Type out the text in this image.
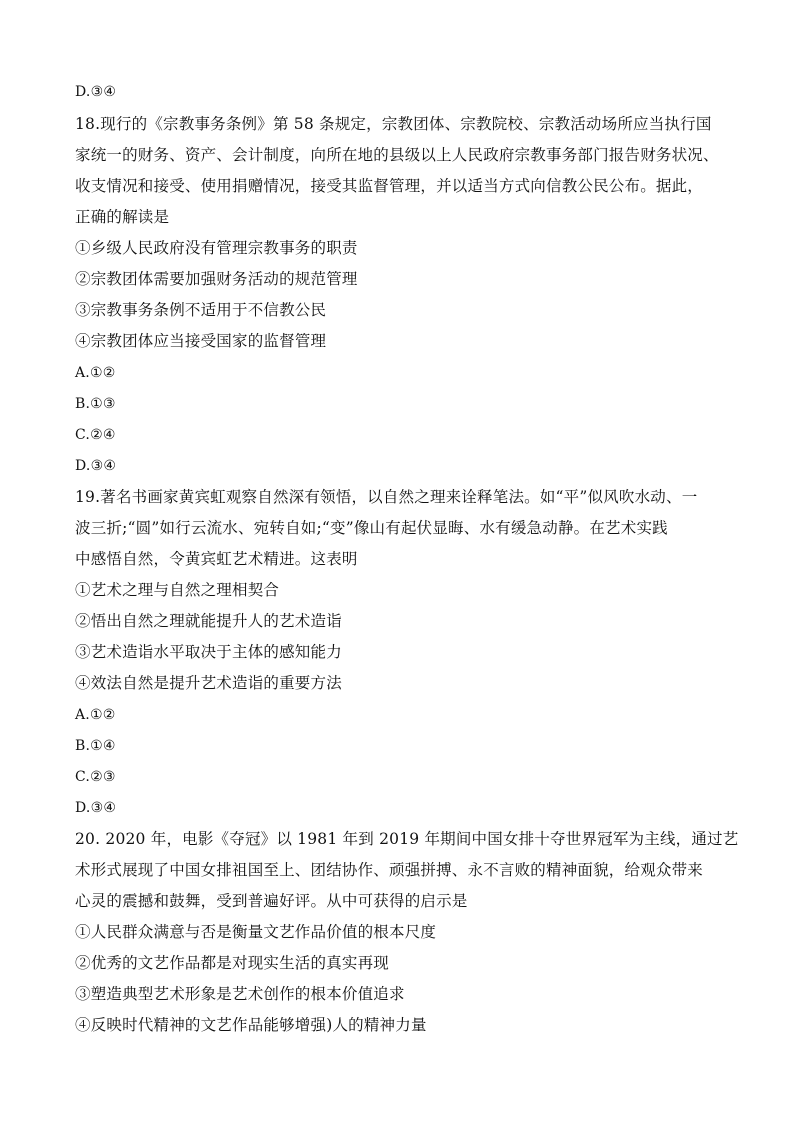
D.③④
18.现行的《宗教事务条例》第 58 条规定，宗教团体、宗教院校、宗教活动场所应当执行国
家统一的财务、资产、会计制度，向所在地的县级以上人民政府宗教事务部门报告财务状况、
收支情况和接受、使用捐赠情况，接受其监督管理，并以适当方式向信教公民公布。据此，
正确的解读是
①乡级人民政府没有管理宗教事务的职责
②宗教团体需要加强财务活动的规范管理
③宗教事务条例不适用于不信教公民
④宗教团体应当接受国家的监督管理
A.①②
B.①③
C.②④
D.③④
19.著名书画家黄宾虹观察自然深有领悟，以自然之理来诠释笔法。如“平”似风吹水动、一
波三折;“圆”如行云流水、宛转自如;“变”像山有起伏显晦、水有缓急动静。在艺术实践
中感悟自然，令黄宾虹艺术精进。这表明
①艺术之理与自然之理相契合
②悟出自然之理就能提升人的艺术造诣
③艺术造诣水平取决于主体的感知能力
④效法自然是提升艺术造诣的重要方法
A.①②
B.①④
C.②③
D.③④
20. 2020 年，电影《夺冠》以 1981 年到 2019 年期间中国女排十夺世界冠军为主线，通过艺
术形式展现了中国女排祖国至上、团结协作、顽强拼搏、永不言败的精神面貌，给观众带来
心灵的震撼和鼓舞，受到普遍好评。从中可获得的启示是
①人民群众满意与否是衡量文艺作品价值的根本尺度
②优秀的文艺作品都是对现实生活的真实再现
③塑造典型艺术形象是艺术创作的根本价值追求
④反映时代精神的文艺作品能够增强)人的精神力量
